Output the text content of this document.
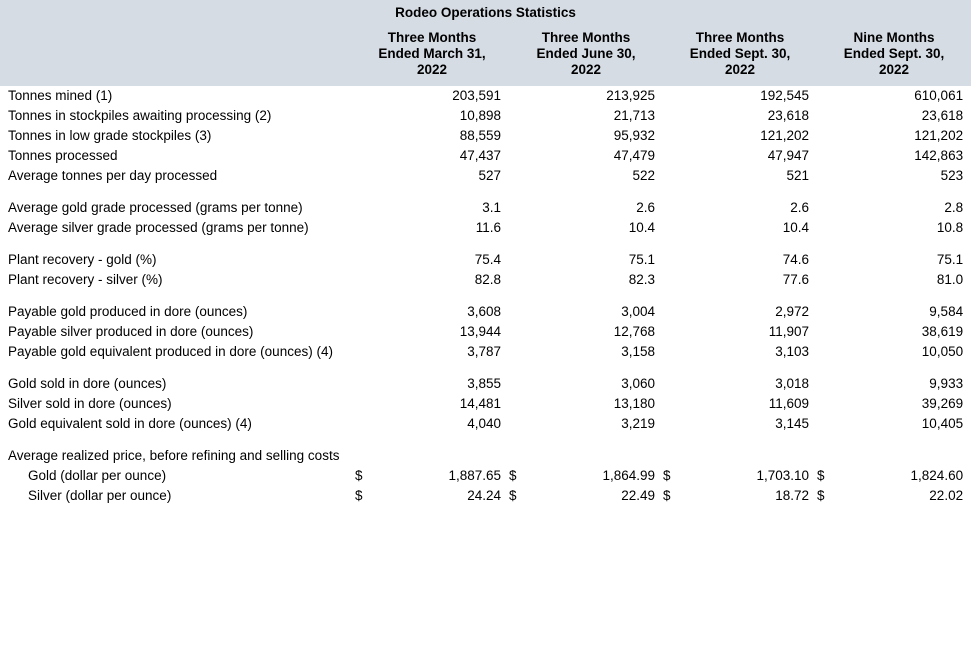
Rodeo Operations Statistics								
	Three Months
Ended March 31,
2022		Three Months
Ended June 30,
2022		Three Months
Ended Sept. 30,
2022		Nine Months
Ended Sept. 30,
2022	
Tonnes mined (1)		203,591		213,925		192,545		610,061
Tonnes in stockpiles awaiting processing (2)		10,898		21,713		23,618		23,618
Tonnes in low grade stockpiles (3)		88,559		95,932		121,202		121,202
Tonnes processed		47,437		47,479		47,947		142,863
Average tonnes per day processed		527		522		521		523

Average gold grade processed (grams per tonne)		3.1		2.6		2.6		2.8
Average silver grade processed (grams per tonne)		11.6		10.4		10.4		10.8

Plant recovery - gold (%)		75.4		75.1		74.6		75.1
Plant recovery - silver (%)		82.8		82.3		77.6		81.0

Payable gold produced in dore (ounces)		3,608		3,004		2,972		9,584
Payable silver produced in dore (ounces)		13,944		12,768		11,907		38,619
Payable gold equivalent produced in dore (ounces) (4)		3,787		3,158		3,103		10,050

Gold sold in dore (ounces)		3,855		3,060		3,018		9,933
Silver sold in dore (ounces)		14,481		13,180		11,609		39,269
Gold equivalent sold in dore (ounces) (4)		4,040		3,219		3,145		10,405

Average realized price, before refining and selling costs								
Gold (dollar per ounce)	$	1,887.65	$	1,864.99	$	1,703.10	$	1,824.60
Silver (dollar per ounce)	$	24.24	$	22.49	$	18.72	$	22.02
